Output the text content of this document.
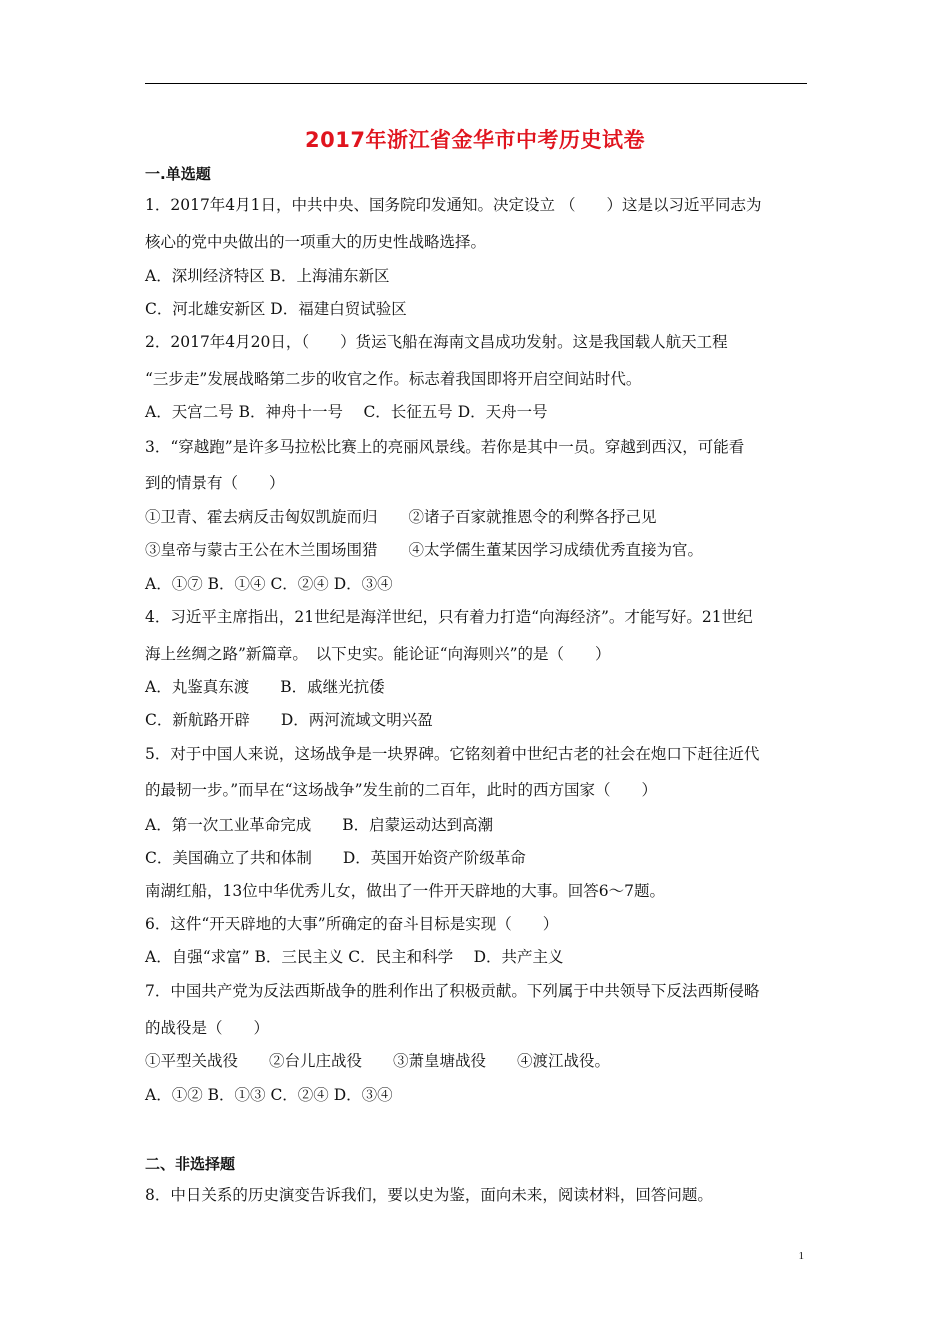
2017年浙江省金华市中考历史试卷
一.单选题
1．2017年4月1日，中共中央、国务院印发通知。决定设立 （　　）这是以习近平同志为
核心的党中央做出的一项重大的历史性战略选择。
A．深圳经济特区 B．上海浦东新区
C．河北雄安新区 D．福建白贸试验区
2．2017年4月20日，（　　）货运飞船在海南文昌成功发射。这是我国载人航天工程
“三步走”发展战略第二步的收官之作。标志着我国即将开启空间站时代。
A．天宫二号 B．神舟十一号　 C．长征五号 D．天舟一号
3．“穿越跑”是许多马拉松比赛上的亮丽风景线。若你是其中一员。穿越到西汉，可能看
到的情景有（　　）
①卫青、霍去病反击匈奴凯旋而归　　②诸子百家就推恩令的利弊各抒己见
③皇帝与蒙古王公在木兰围场围猎　　④太学儒生董某因学习成绩优秀直接为官。
A．①⑦ B．①④ C．②④ D．③④
4．习近平主席指出，21世纪是海洋世纪，只有着力打造“向海经济”。才能写好。21世纪
海上丝绸之路”新篇章。　以下史实。能论证“向海则兴”的是（　　）
A．丸鉴真东渡　　B．戚继光抗倭
C．新航路开辟　　D．两河流域文明兴盈
5．对于中国人来说，这场战争是一块界碑。它铭刻着中世纪古老的社会在炮口下赶往近代
的最韧一步。”而早在“这场战争”发生前的二百年，此时的西方国家（　　）
A．第一次工业革命完成　　B．启蒙运动达到高潮
C．美国确立了共和体制　　D．英国开始资产阶级革命
南湖红船，13位中华优秀儿女，做出了一件开天辟地的大事。回答6～7题。
6．这件“开天辟地的大事”所确定的奋斗目标是实现（　　）
A．自强“求富” B．三民主义 C．民主和科学　 D．共产主义
7．中国共产党为反法西斯战争的胜利作出了积极贡献。下列属于中共领导下反法西斯侵略
的战役是（　　）
①平型关战役　　②台儿庄战役　　③萧皇塘战役　　④渡江战役。
A．①② B．①③ C．②④ D．③④
二、非选择题
8．中日关系的历史演变告诉我们，要以史为鉴，面向未来，阅读材料，回答问题。
1
